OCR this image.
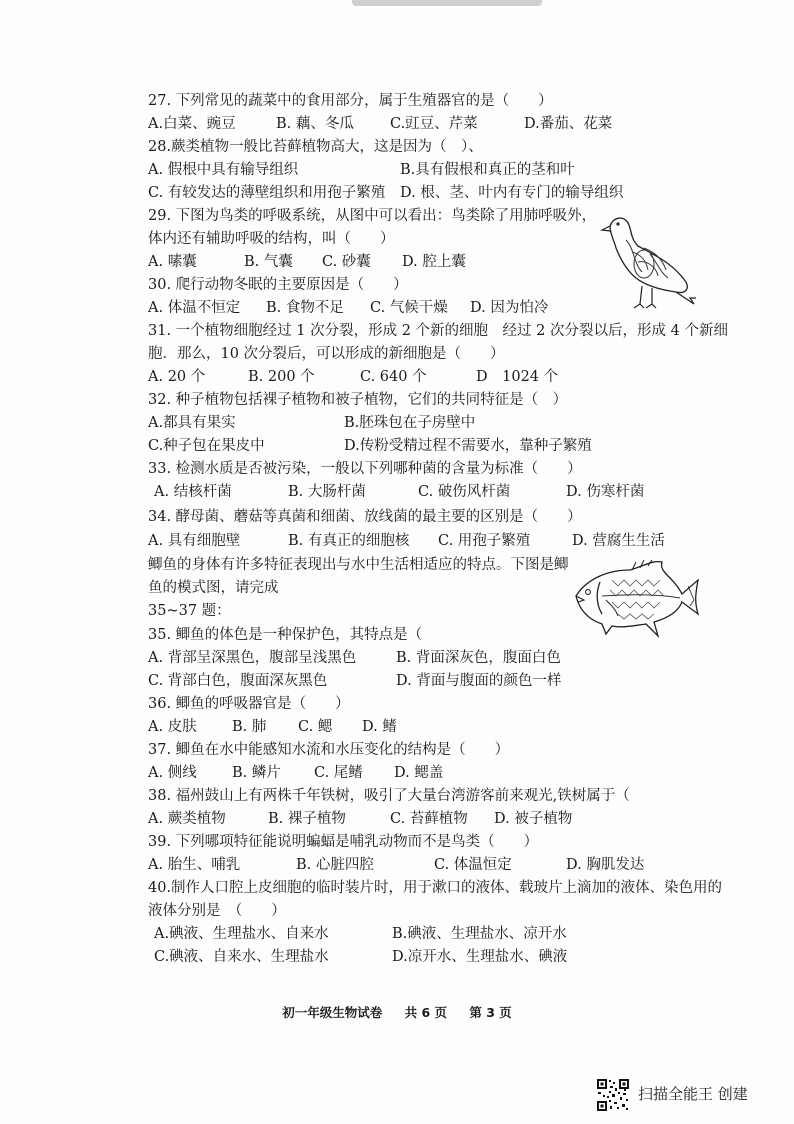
27. 下列常见的蔬菜中的食用部分，属于生殖器官的是（　　）
A.白菜、豌豆	B. 藕、冬瓜 C.豇豆、芹菜	D.番茄、花菜
28.蕨类植物一般比苔藓植物高大，这是因为（　）、
A. 假根中具有输导组织	B.具有假根和真正的茎和叶
C. 有较发达的薄壁组织和用孢子繁殖 D. 根、茎、叶内有专门的输导组织
29. 下图为鸟类的呼吸系统，从图中可以看出：鸟类除了用肺呼吸外，
体内还有辅助呼吸的结构，叫（　　）
A. 嗉囊	B. 气囊 C. 砂囊 D. 腔上囊
30. 爬行动物冬眠的主要原因是（　　）
A. 体温不恒定 B. 食物不足 C. 气候干燥 D. 因为怕冷
31. 一个植物细胞经过 1 次分裂，形成 2 个新的细胞　经过 2 次分裂以后，形成 4 个新细
胞．那么，10 次分裂后，可以形成的新细胞是（　　）
A. 20 个	B. 200 个	C. 640 个	D　1024 个
32. 种子植物包括裸子植物和被子植物，它们的共同特征是（　）
A.都具有果实	B.胚珠包在子房壁中
C.种子包在果皮中	D.传粉受精过程不需要水，靠种子繁殖
33. 检测水质是否被污染，一般以下列哪种菌的含量为标准（　　）
A. 结核杆菌	B. 大肠杆菌	C. 破伤风杆菌	D. 伤寒杆菌
34. 酵母菌、蘑菇等真菌和细菌、放线菌的最主要的区别是（　　）
A. 具有细胞壁	B. 有真正的细胞核 C. 用孢子繁殖	D. 营腐生生活
鲫鱼的身体有许多特征表现出与水中生活相适应的特点。下图是鲫
鱼的模式图，请完成
35~37 题：
35. 鲫鱼的体色是一种保护色，其特点是（
A. 背部呈深黑色，腹部呈浅黑色	B. 背面深灰色，腹面白色
C. 背部白色，腹面深灰黑色	D. 背面与腹面的颜色一样
36. 鲫鱼的呼吸器官是（　　）
A. 皮肤 B. 肺 C. 鳃 D. 鳍
37. 鲫鱼在水中能感知水流和水压变化的结构是（　　）
A. 侧线 B. 鳞片 C. 尾鳍 D. 鳃盖
38. 福州鼓山上有两株千年铁树，吸引了大量台湾游客前来观光,铁树属于（
A. 蕨类植物	B. 裸子植物	C. 苔藓植物 D. 被子植物
39. 下列哪项特征能说明蝙蝠是哺乳动物而不是鸟类（　　）
A. 胎生、哺乳	B. 心脏四腔	C. 体温恒定	D. 胸肌发达
40.制作人口腔上皮细胞的临时装片时，用于漱口的液体、载玻片上滴加的液体、染色用的
液体分别是　（　　）
A.碘液、生理盐水、自来水	B.碘液、生理盐水、凉开水
C.碘液、自来水、生理盐水	D.凉开水、生理盐水、碘液
初一年级生物试卷 共 6 页 第 3 页
扫描全能王 创建
